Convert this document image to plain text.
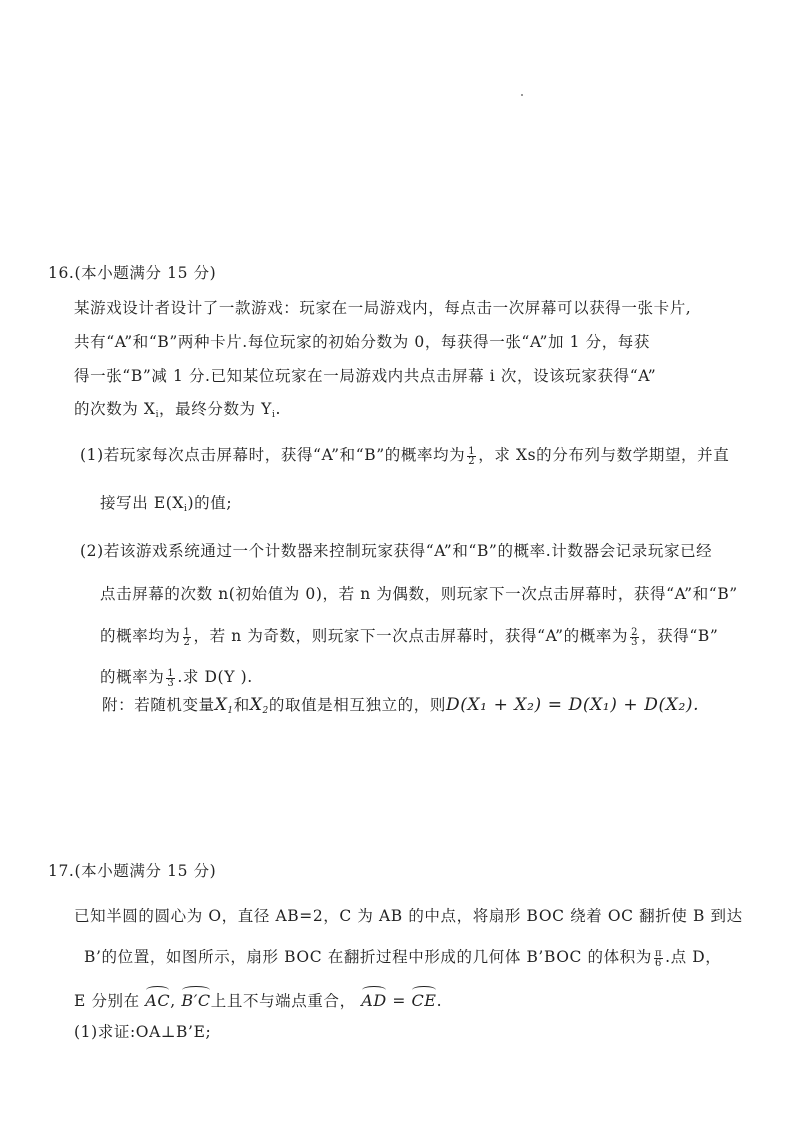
16.(本小题满分 15 分)
某游戏设计者设计了一款游戏：玩家在一局游戏内，每点击一次屏幕可以获得一张卡片,
共有“A”和“B”两种卡片.每位玩家的初始分数为 0，每获得一张“A”加 1 分，每获
得一张“B”减 1 分.已知某位玩家在一局游戏内共点击屏幕 i 次，设该玩家获得“A”
的次数为 $X_i$，最终分数为 $Y_i$.
(1)若玩家每次点击屏幕时，获得“A”和“B”的概率均为 $\frac{1}{2}$ ，求 Xs的分布列与数学期望，并直
接写出 $E(X_i)$的值;
(2)若该游戏系统通过一个计数器来控制玩家获得“A”和“B”的概率.计数器会记录玩家已经
点击屏幕的次数 n(初始值为 0)，若 n 为偶数，则玩家下一次点击屏幕时，获得“A”和“B”
的概率均为 $\frac{1}{2}$ ，若 n 为奇数，则玩家下一次点击屏幕时，获得“A”的概率为 $\frac{2}{3}$ ，获得“B”
的概率为 $\frac{1}{3}$ .求 D(Y ).
附：若随机变量$X_1$和$X_2$的取值是相互独立的，则D(X₁ + X₂) = D(X₁) + D(X₂).
17.(本小题满分 15 分)
已知半圆的圆心为 O，直径 AB=2，C 为 AB 的中点，将扇形 BOC 绕着 OC 翻折使 B 到达
B’的位置，如图所示，扇形 BOC 在翻折过程中形成的几何体 B’BOC 的体积为 $\frac{\pi}{6}$ .点 D，
E 分别在 AC, B′C上且不与端点重合， AD = CE.
(1)求证:OA⊥B’E;
